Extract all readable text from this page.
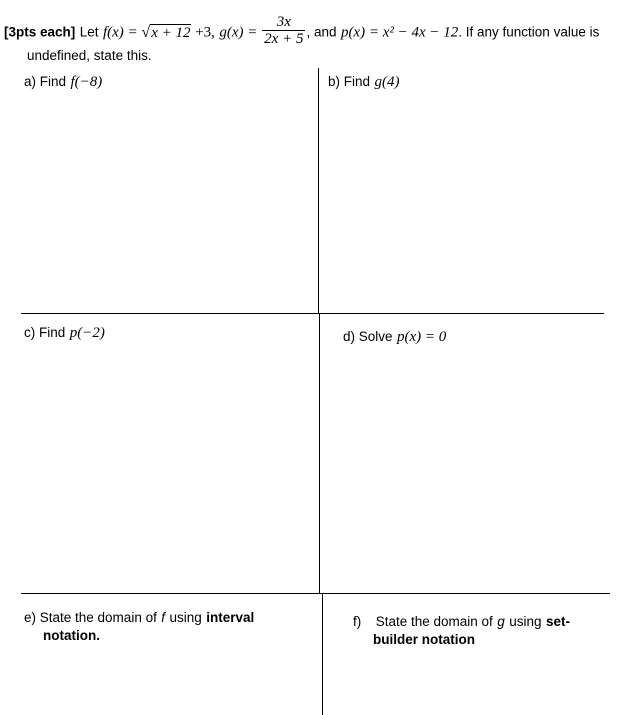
[3pts each] Let f(x) = √x + 12 +3, $g(x) = \frac{3x}{2x + 5}$ , and p(x) = x² − 4x − 12. If any function value is
undefined, state this.
a) Find f(−8)	b) Find g(4)
c) Find p(−2)	d) Solve p(x) = 0
e) State the domain of f using interval
notation.
f) State the domain of g using set-
builder notation
